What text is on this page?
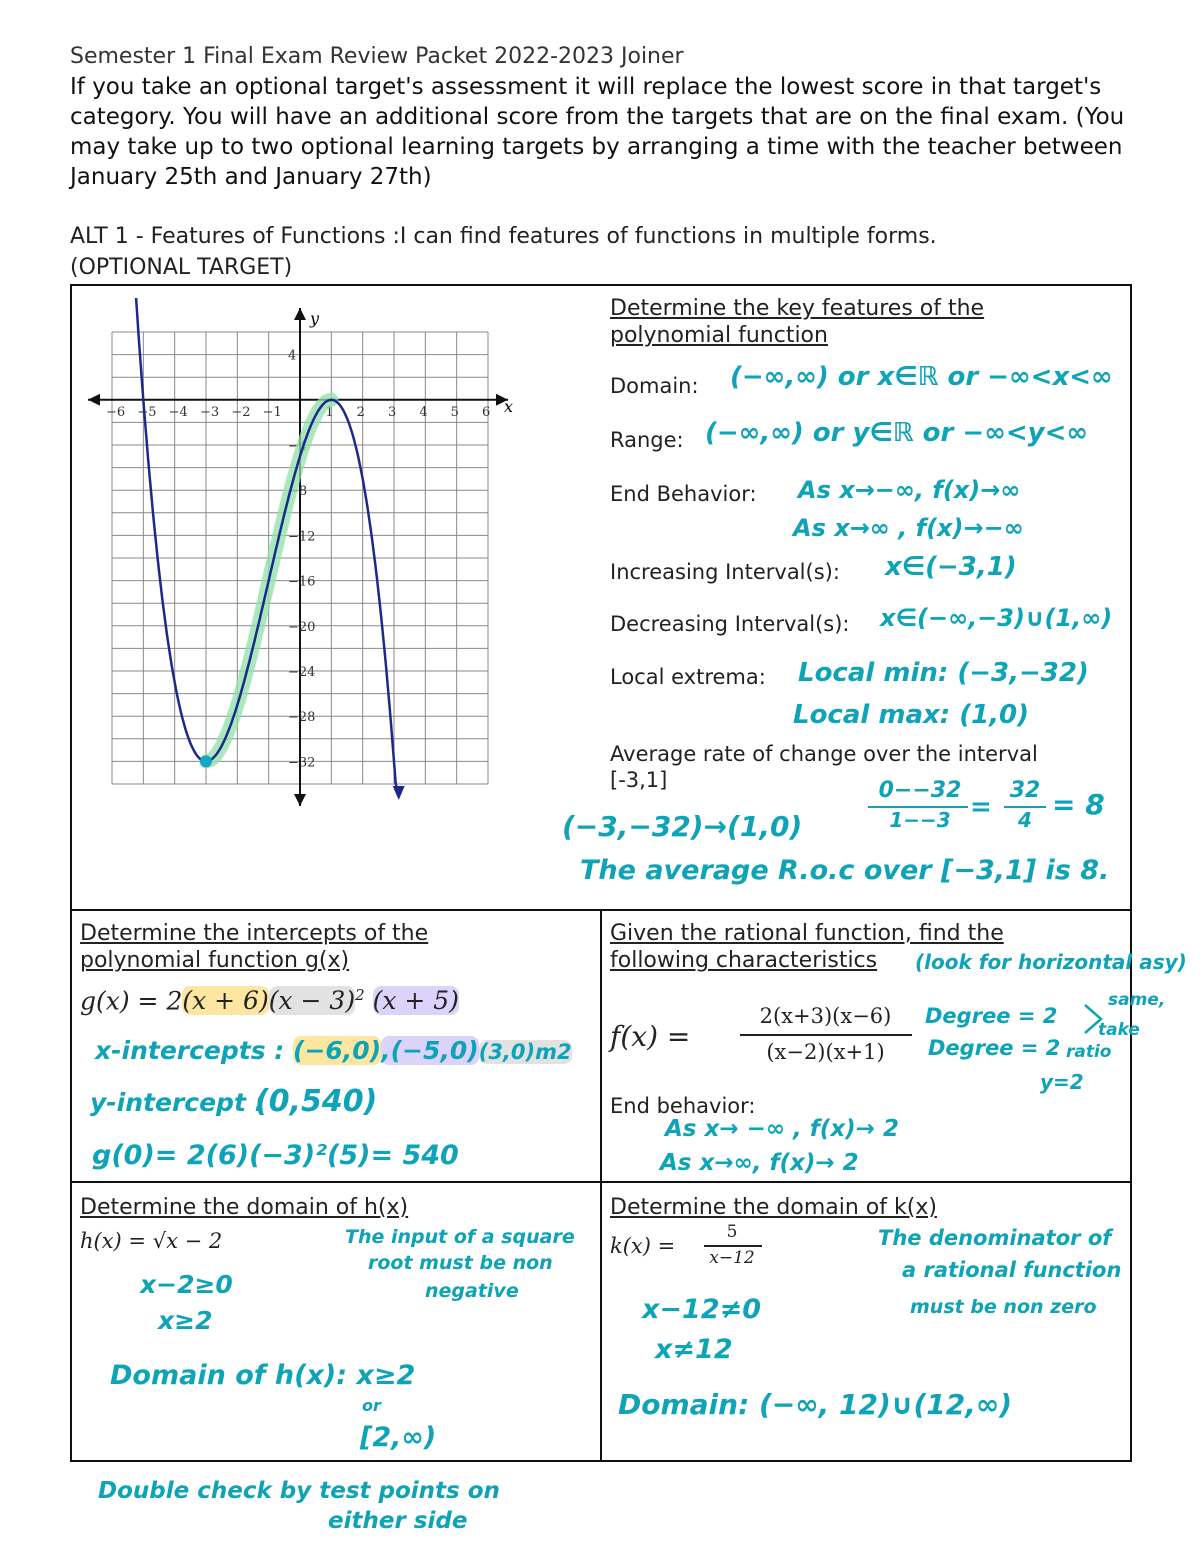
Semester 1 Final Exam Review Packet 2022-2023 Joiner
If you take an optional target's assessment it will replace the lowest score in that target's category. You will have an additional score from the targets that are on the final exam. (You may take up to two optional learning targets by arranging a time with the teacher between January 25th and January 27th)
ALT 1 - Features of Functions :I can find features of functions in multiple forms.
(OPTIONAL TARGET)
−6 −5 −4 −3 −2 −1	1 2 3 4 5 6
4
−4
−8
−12
−16
−20
−24
−28
−32
x
y	Determine the key features of the
polynomial function
Domain: (−∞,∞) or x∈ℝ or −∞<x<∞
Range: (−∞,∞) or y∈ℝ or −∞<y<∞
End Behavior: As x→−∞, f(x)→∞
As x→∞ , f(x)→−∞
Increasing Interval(s): x∈(−3,1)
Decreasing Interval(s): x∈(−∞,−3)∪(1,∞)
Local extrema: Local min: (−3,−32)
Local max: (1,0)
Average rate of change over the interval
[-3,1]	0−−32
1−−3 =
32
4 = 8
(−3,−32)→(1,0)
The average R.o.c over [−3,1] is 8.
Determine the intercepts of the
polynomial function g(x)
$g(x) = 2(x + 6)(x - 3)^2$ (x + 5)
x-intercepts : (−6,0),(−5,0)(3,0)m2
y-intercept :
(0,540)
g(0)= 2(6)(−3)²(5)= 540
Given the rational function, find the
following characteristics (look for horizontal asy)
f(x) =
2(x+3)(x−6)
(x−2)(x+1)
Degree = 2
Degree = 2
same,
take
ratio
y=2
End behavior:
As x→ −∞ , f(x)→ 2
As x→∞, f(x)→ 2
Determine the domain of h(x)
h(x) = √x − 2	The input of a square
root must be non
negative
x−2≥0
x≥2
Domain of h(x): x≥2
or
[2,∞)
Double check by test points on
either side
Determine the domain of k(x)
k(x) =
5
x−12
The denominator of
a rational function
must be non zero
x−12≠0
x≠12
Domain: (−∞, 12)∪(12,∞)
